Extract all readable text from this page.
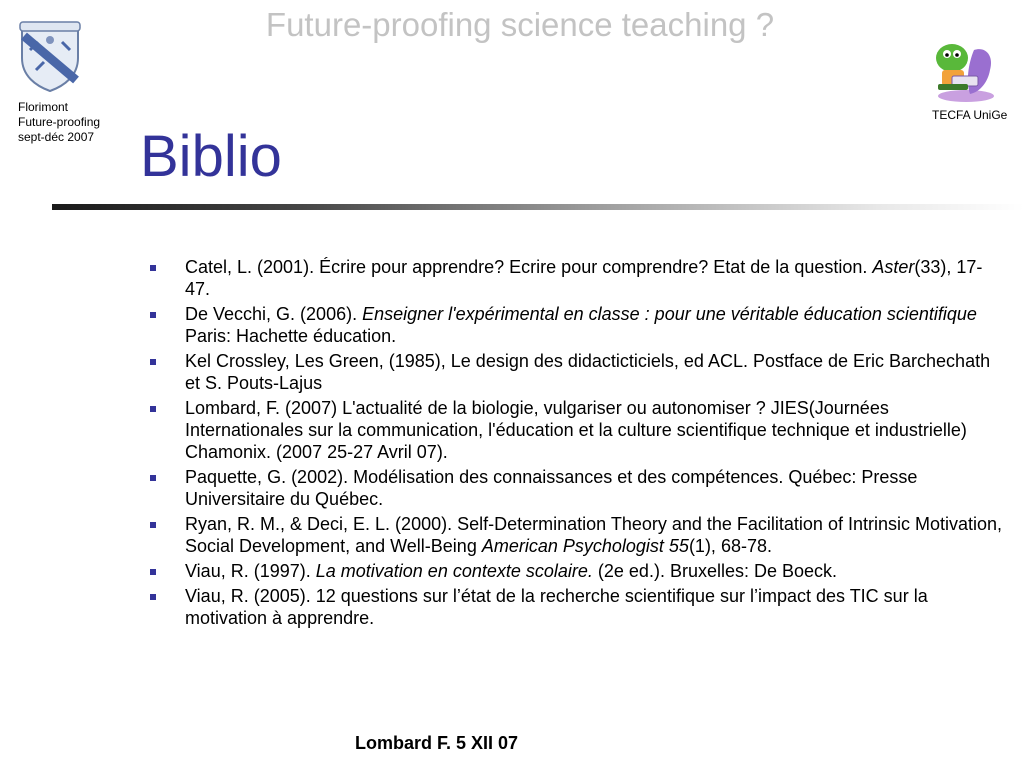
Future-proofing science teaching ?
Florimont
Future-proofing
sept-déc 2007
TECFA UniGe
Biblio
Catel, L. (2001). Écrire pour apprendre? Ecrire pour comprendre? Etat de la question. Aster(33), 17-47.
De Vecchi, G. (2006). Enseigner l'expérimental en classe : pour une véritable éducation scientifique Paris: Hachette éducation.
Kel Crossley, Les Green, (1985), Le design des didacticticiels, ed ACL. Postface de Eric Barchechath et S. Pouts-Lajus
Lombard, F. (2007) L'actualité de la biologie, vulgariser ou autonomiser ? JIES(Journées Internationales sur la communication, l'éducation et la culture scientifique technique et industrielle) Chamonix. (2007 25-27 Avril 07).
Paquette, G. (2002). Modélisation des connaissances et des compétences. Québec: Presse Universitaire du Québec.
Ryan, R. M., & Deci, E. L. (2000). Self-Determination Theory and the Facilitation of Intrinsic Motivation, Social Development, and Well-Being American Psychologist 55(1), 68-78.
Viau, R. (1997). La motivation en contexte scolaire. (2e ed.). Bruxelles: De Boeck.
Viau, R. (2005). 12 questions sur l’état de la recherche scientifique sur l’impact des TIC sur la motivation à apprendre.
Lombard F. 5 XII 07
